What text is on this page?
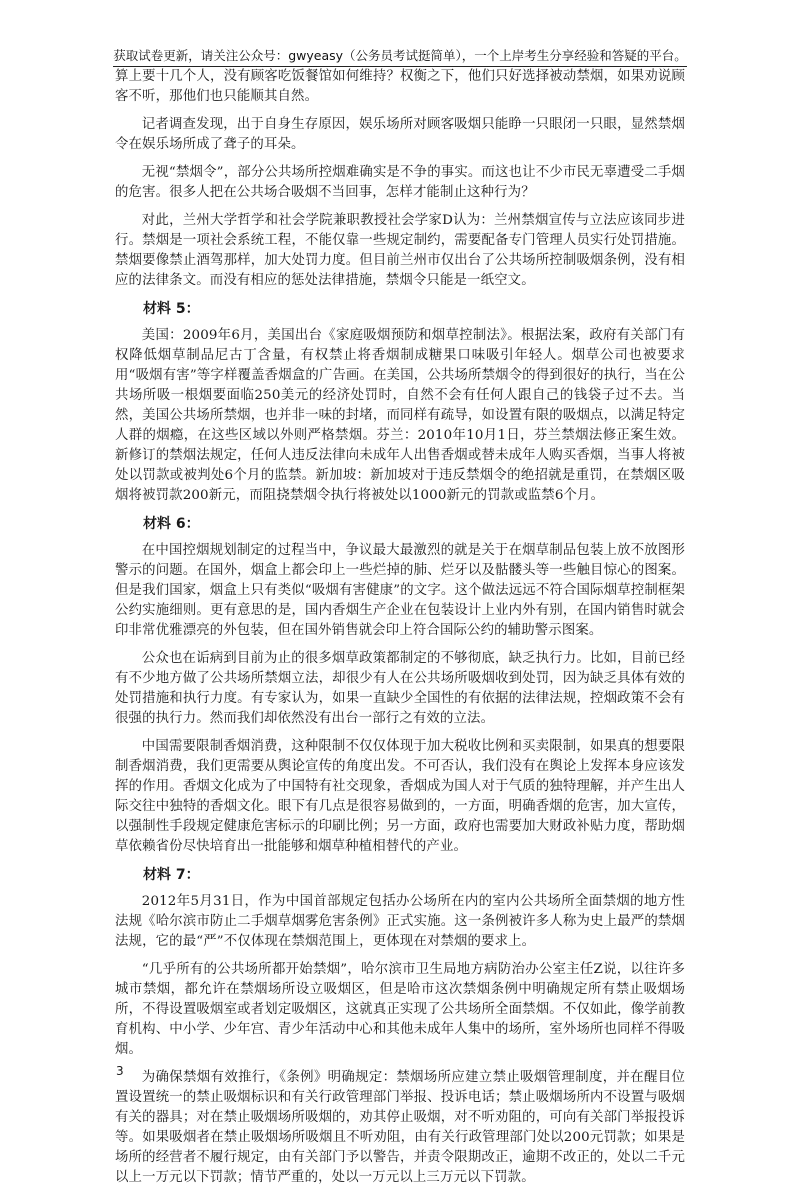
获取试卷更新，请关注公众号：gwyeasy（公务员考试挺简单），一个上岸考生分享经验和答疑的平台。

算上要十几个人，没有顾客吃饭餐馆如何维持？权衡之下，他们只好选择被动禁烟，如果劝说顾客不听，那他们也只能顺其自然。

记者调查发现，出于自身生存原因，娱乐场所对顾客吸烟只能睁一只眼闭一只眼，显然禁烟令在娱乐场所成了聋子的耳朵。

无视“禁烟令”，部分公共场所控烟难确实是不争的事实。而这也让不少市民无辜遭受二手烟的危害。很多人把在公共场合吸烟不当回事，怎样才能制止这种行为？

对此，兰州大学哲学和社会学院兼职教授社会学家D认为：兰州禁烟宣传与立法应该同步进行。禁烟是一项社会系统工程，不能仅靠一些规定制约，需要配备专门管理人员实行处罚措施。禁烟要像禁止酒驾那样，加大处罚力度。但目前兰州市仅出台了公共场所控制吸烟条例，没有相应的法律条文。而没有相应的惩处法律措施，禁烟令只能是一纸空文。

材料 5：

美国：2009年6月，美国出台《家庭吸烟预防和烟草控制法》。根据法案，政府有关部门有权降低烟草制品尼古丁含量，有权禁止将香烟制成糖果口味吸引年轻人。烟草公司也被要求用“吸烟有害”等字样覆盖香烟盒的广告画。在美国，公共场所禁烟令的得到很好的执行，当在公共场所吸一根烟要面临250美元的经济处罚时，自然不会有任何人跟自己的钱袋子过不去。当然，美国公共场所禁烟，也并非一味的封堵，而同样有疏导，如设置有限的吸烟点，以满足特定人群的烟瘾，在这些区域以外则严格禁烟。芬兰：2010年10月1日，芬兰禁烟法修正案生效。新修订的禁烟法规定，任何人违反法律向未成年人出售香烟或替未成年人购买香烟，当事人将被处以罚款或被判处6个月的监禁。新加坡：新加坡对于违反禁烟令的绝招就是重罚，在禁烟区吸烟将被罚款200新元，而阻挠禁烟令执行将被处以1000新元的罚款或监禁6个月。

材料 6：

在中国控烟规划制定的过程当中，争议最大最激烈的就是关于在烟草制品包装上放不放图形警示的问题。在国外，烟盒上都会印上一些烂掉的肺、烂牙以及骷髅头等一些触目惊心的图案。但是我们国家，烟盒上只有类似“吸烟有害健康”的文字。这个做法远远不符合国际烟草控制框架公约实施细则。更有意思的是，国内香烟生产企业在包装设计上业内外有别，在国内销售时就会印非常优雅漂亮的外包装，但在国外销售就会印上符合国际公约的辅助警示图案。

公众也在诟病到目前为止的很多烟草政策都制定的不够彻底，缺乏执行力。比如，目前已经有不少地方做了公共场所禁烟立法，却很少有人在公共场所吸烟收到处罚，因为缺乏具体有效的处罚措施和执行力度。有专家认为，如果一直缺少全国性的有依据的法律法规，控烟政策不会有很强的执行力。然而我们却依然没有出台一部行之有效的立法。

中国需要限制香烟消费，这种限制不仅仅体现于加大税收比例和买卖限制，如果真的想要限制香烟消费，我们更需要从舆论宣传的角度出发。不可否认，我们没有在舆论上发挥本身应该发挥的作用。香烟文化成为了中国特有社交现象，香烟成为国人对于气质的独特理解，并产生出人际交往中独特的香烟文化。眼下有几点是很容易做到的，一方面，明确香烟的危害，加大宣传，以强制性手段规定健康危害标示的印刷比例；另一方面，政府也需要加大财政补贴力度，帮助烟草依赖省份尽快培育出一批能够和烟草种植相替代的产业。

材料 7：

2012年5月31日，作为中国首部规定包括办公场所在内的室内公共场所全面禁烟的地方性法规《哈尔滨市防止二手烟草烟雾危害条例》正式实施。这一条例被许多人称为史上最严的禁烟法规，它的最“严”不仅体现在禁烟范围上，更体现在对禁烟的要求上。

“几乎所有的公共场所都开始禁烟”，哈尔滨市卫生局地方病防治办公室主任Z说，以往许多城市禁烟，都允许在禁烟场所设立吸烟区，但是哈市这次禁烟条例中明确规定所有禁止吸烟场所，不得设置吸烟室或者划定吸烟区，这就真正实现了公共场所全面禁烟。不仅如此，像学前教育机构、中小学、少年宫、青少年活动中心和其他未成年人集中的场所，室外场所也同样不得吸烟。

为确保禁烟有效推行，《条例》明确规定：禁烟场所应建立禁止吸烟管理制度，并在醒目位置设置统一的禁止吸烟标识和有关行政管理部门举报、投诉电话；禁止吸烟场所内不设置与吸烟有关的器具；对在禁止吸烟场所吸烟的，劝其停止吸烟，对不听劝阻的，可向有关部门举报投诉等。如果吸烟者在禁止吸烟场所吸烟且不听劝阻，由有关行政管理部门处以200元罚款；如果是场所的经营者不履行规定，由有关部门予以警告，并责令限期改正，逾期不改正的，处以二千元以上一万元以下罚款；情节严重的，处以一万元以上三万元以下罚款。

3
